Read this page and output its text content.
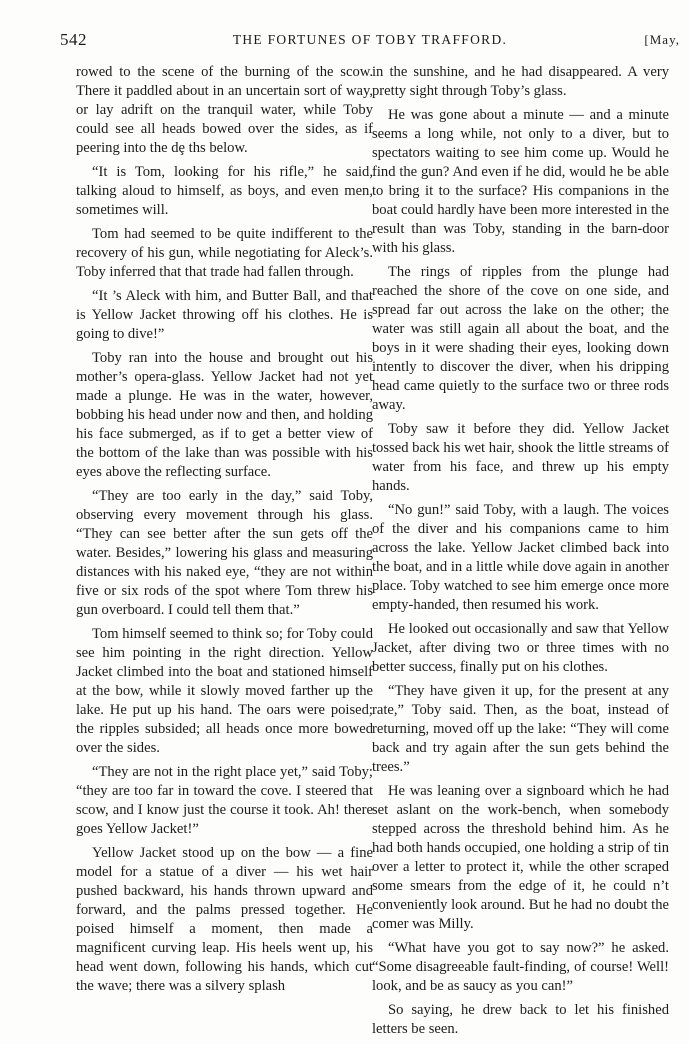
542	THE FORTUNES OF TOBY TRAFFORD.	[May,

rowed to the scene of the burning of the scow. There it paddled about in an uncertain sort of way, or lay adrift on the tranquil water, while Toby could see all heads bowed over the sides, as if peering into the dȩ ths below.

“It is Tom, looking for his rifle,” he said, talking aloud to himself, as boys, and even men, sometimes will.

Tom had seemed to be quite indifferent to the recovery of his gun, while negotiating for Aleck’s. Toby inferred that that trade had fallen through.

“It ’s Aleck with him, and Butter Ball, and that is Yellow Jacket throwing off his clothes. He is going to dive!”

Toby ran into the house and brought out his mother’s opera-glass. Yellow Jacket had not yet made a plunge. He was in the water, however, bobbing his head under now and then, and holding his face submerged, as if to get a better view of the bottom of the lake than was possible with his eyes above the reflecting surface.

“They are too early in the day,” said Toby, observing every movement through his glass. “They can see better after the sun gets off the water. Besides,” lowering his glass and measuring distances with his naked eye, “they are not within five or six rods of the spot where Tom threw his gun overboard. I could tell them that.”

Tom himself seemed to think so; for Toby could see him pointing in the right direction. Yellow Jacket climbed into the boat and stationed himself at the bow, while it slowly moved farther up the lake. He put up his hand. The oars were poised; the ripples subsided; all heads once more bowed over the sides.

“They are not in the right place yet,” said Toby; “they are too far in toward the cove. I steered that scow, and I know just the course it took. Ah! there goes Yellow Jacket!”

Yellow Jacket stood up on the bow — a fine model for a statue of a diver — his wet hair pushed backward, his hands thrown upward and forward, and the palms pressed together. He poised himself a moment, then made a magnificent curving leap. His heels went up, his head went down, following his hands, which cut the wave; there was a silvery splash

in the sunshine, and he had disappeared. A very pretty sight through Toby’s glass.

He was gone about a minute — and a minute seems a long while, not only to a diver, but to spectators waiting to see him come up. Would he find the gun? And even if he did, would he be able to bring it to the surface? His companions in the boat could hardly have been more interested in the result than was Toby, standing in the barn-door with his glass.

The rings of ripples from the plunge had reached the shore of the cove on one side, and spread far out across the lake on the other; the water was still again all about the boat, and the boys in it were shading their eyes, looking down intently to discover the diver, when his dripping head came quietly to the surface two or three rods away.

Toby saw it before they did. Yellow Jacket tossed back his wet hair, shook the little streams of water from his face, and threw up his empty hands.

“No gun!” said Toby, with a laugh. The voices of the diver and his companions came to him across the lake. Yellow Jacket climbed back into the boat, and in a little while dove again in another place. Toby watched to see him emerge once more empty-handed, then resumed his work.

He looked out occasionally and saw that Yellow Jacket, after diving two or three times with no better success, finally put on his clothes.

“They have given it up, for the present at any rate,” Toby said. Then, as the boat, instead of returning, moved off up the lake: “They will come back and try again after the sun gets behind the trees.”

He was leaning over a signboard which he had set aslant on the work-bench, when somebody stepped across the threshold behind him. As he had both hands occupied, one holding a strip of tin over a letter to protect it, while the other scraped some smears from the edge of it, he could n’t conveniently look around. But he had no doubt the comer was Milly.

“What have you got to say now?” he asked. “Some disagreeable fault-finding, of course! Well! look, and be as saucy as you can!”

So saying, he drew back to let his finished letters be seen.
